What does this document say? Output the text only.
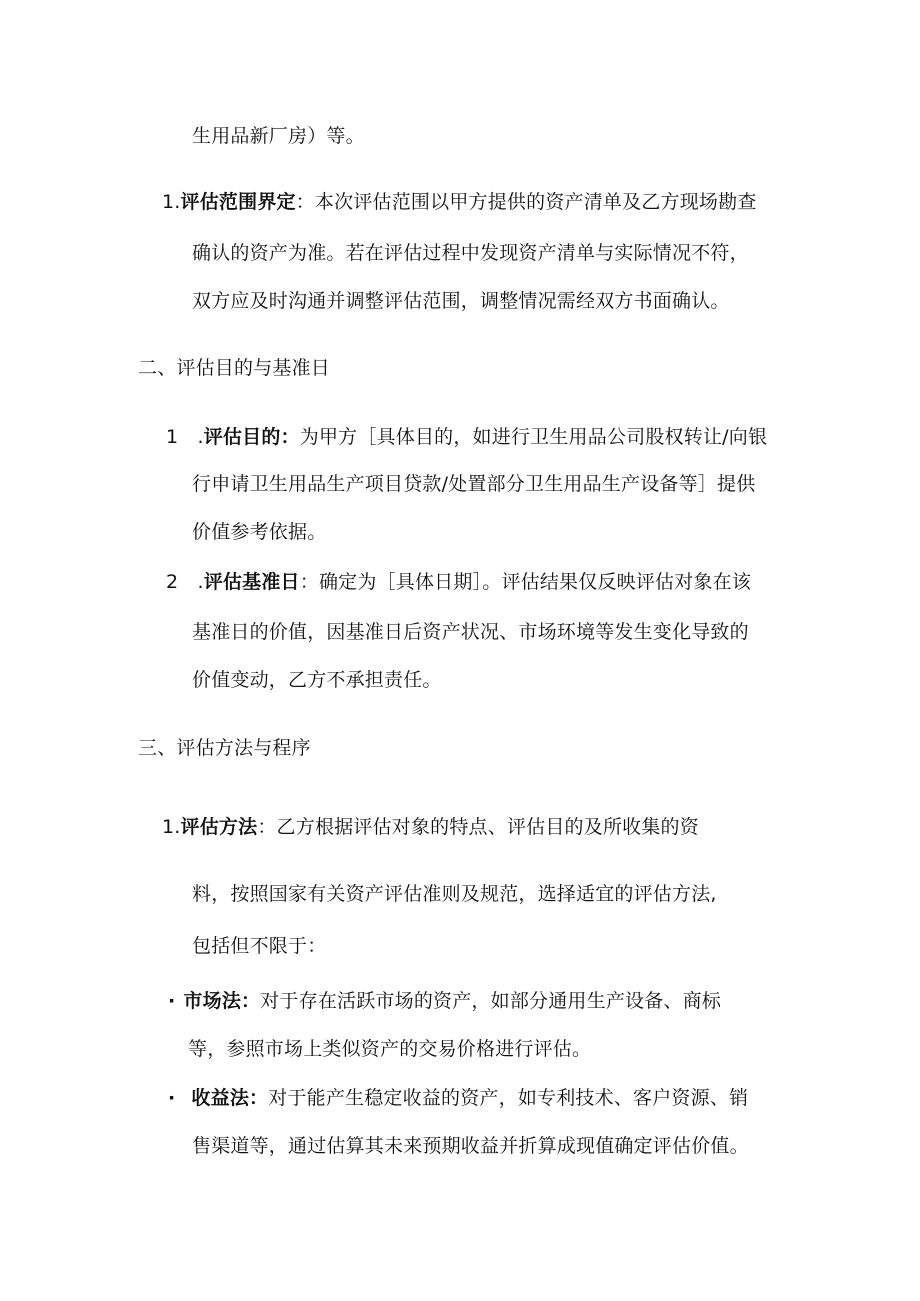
生用品新厂房）等。
1.评估范围界定：本次评估范围以甲方提供的资产清单及乙方现场勘查
确认的资产为准。若在评估过程中发现资产清单与实际情况不符，
双方应及时沟通并调整评估范围，调整情况需经双方书面确认。
二、评估目的与基准日
1　.评估目的：为甲方［具体目的，如进行卫生用品公司股权转让/向银
行申请卫生用品生产项目贷款/处置部分卫生用品生产设备等］提供
价值参考依据。
2　.评估基准日：确定为［具体日期］。评估结果仅反映评估对象在该
基准日的价值，因基准日后资产状况、市场环境等发生变化导致的
价值变动，乙方不承担责任。
三、评估方法与程序
1.评估方法：乙方根据评估对象的特点、评估目的及所收集的资
料，按照国家有关资产评估准则及规范，选择适宜的评估方法,
包括但不限于：
· 市场法：对于存在活跃市场的资产，如部分通用生产设备、商标
等，参照市场上类似资产的交易价格进行评估。
· 收益法：对于能产生稳定收益的资产，如专利技术、客户资源、销
售渠道等，通过估算其未来预期收益并折算成现值确定评估价值。
